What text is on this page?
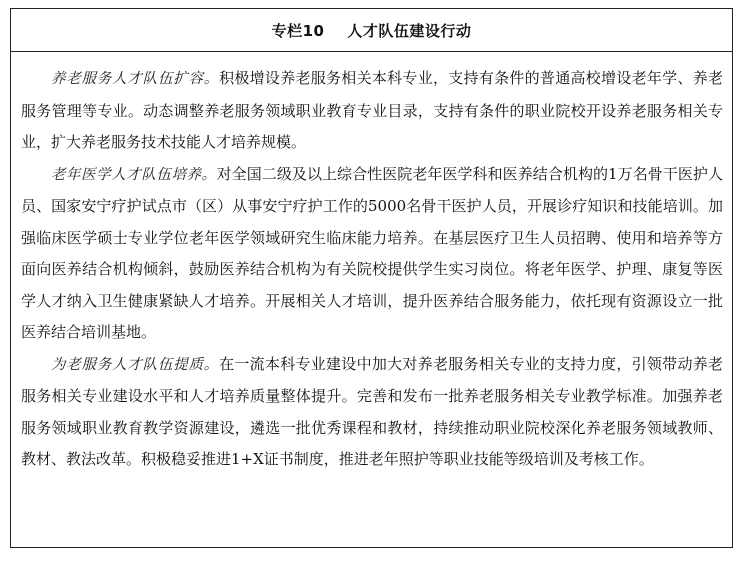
专栏10    人才队伍建设行动

养老服务人才队伍扩容。积极增设养老服务相关本科专业，支持有条件的普通高校增设老年学、养老服务管理等专业。动态调整养老服务领域职业教育专业目录，支持有条件的职业院校开设养老服务相关专业，扩大养老服务技术技能人才培养规模。

老年医学人才队伍培养。对全国二级及以上综合性医院老年医学科和医养结合机构的1万名骨干医护人员、国家安宁疗护试点市（区）从事安宁疗护工作的5000名骨干医护人员，开展诊疗知识和技能培训。加强临床医学硕士专业学位老年医学领域研究生临床能力培养。在基层医疗卫生人员招聘、使用和培养等方面向医养结合机构倾斜，鼓励医养结合机构为有关院校提供学生实习岗位。将老年医学、护理、康复等医学人才纳入卫生健康紧缺人才培养。开展相关人才培训，提升医养结合服务能力，依托现有资源设立一批医养结合培训基地。

为老服务人才队伍提质。在一流本科专业建设中加大对养老服务相关专业的支持力度，引领带动养老服务相关专业建设水平和人才培养质量整体提升。完善和发布一批养老服务相关专业教学标准。加强养老服务领域职业教育教学资源建设，遴选一批优秀课程和教材，持续推动职业院校深化养老服务领域教师、教材、教法改革。积极稳妥推进1+X证书制度，推进老年照护等职业技能等级培训及考核工作。
